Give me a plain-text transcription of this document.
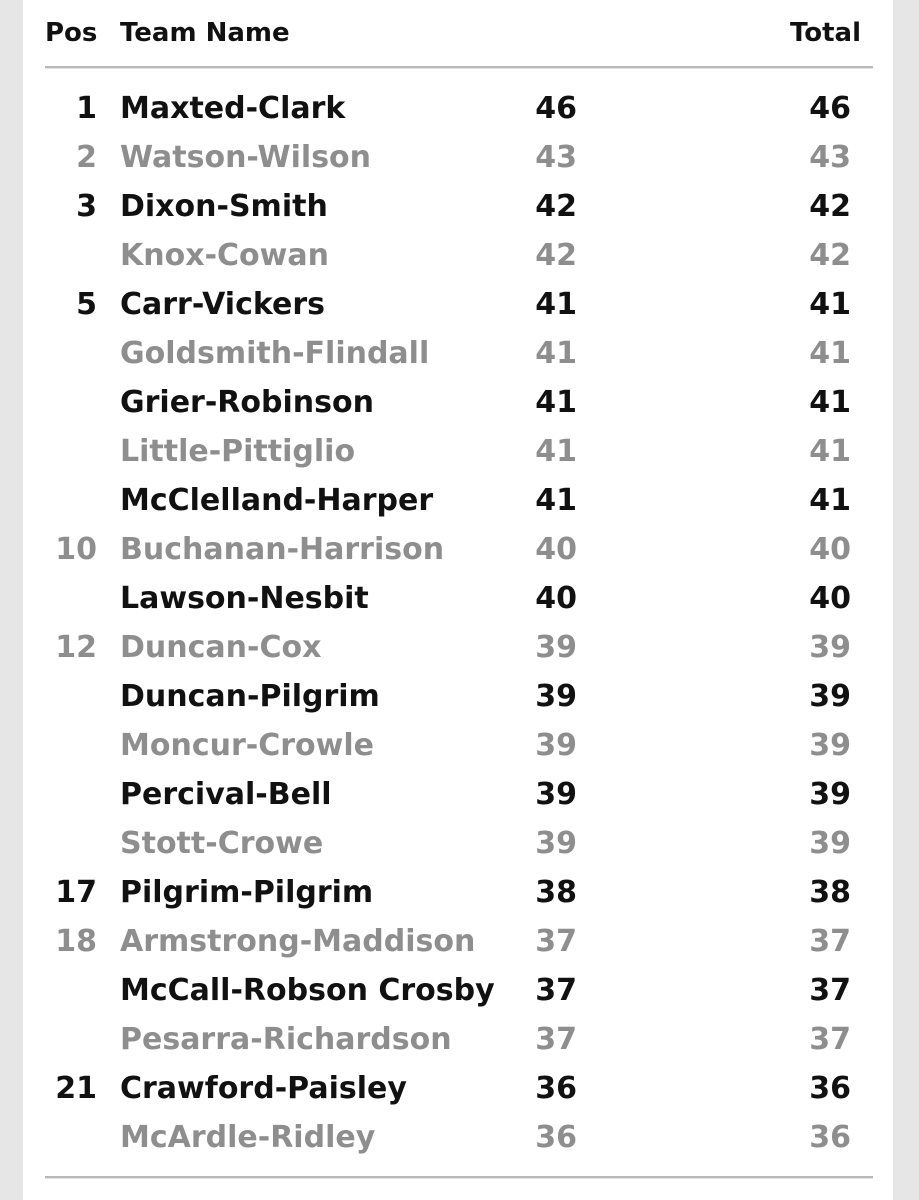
Pos Team Name	Total
1 Maxted-Clark	46	46
2 Watson-Wilson	43	43
3 Dixon-Smith	42	42
Knox-Cowan	42	42
5 Carr-Vickers	41	41
Goldsmith-Flindall	41	41
Grier-Robinson	41	41
Little-Pittiglio	41	41
McClelland-Harper	41	41
10 Buchanan-Harrison	40	40
Lawson-Nesbit	40	40
12 Duncan-Cox	39	39
Duncan-Pilgrim	39	39
Moncur-Crowle	39	39
Percival-Bell	39	39
Stott-Crowe	39	39
17 Pilgrim-Pilgrim	38	38
18 Armstrong-Maddison	37	37
McCall-Robson Crosby	37	37
Pesarra-Richardson	37	37
21 Crawford-Paisley	36	36
McArdle-Ridley	36	36
